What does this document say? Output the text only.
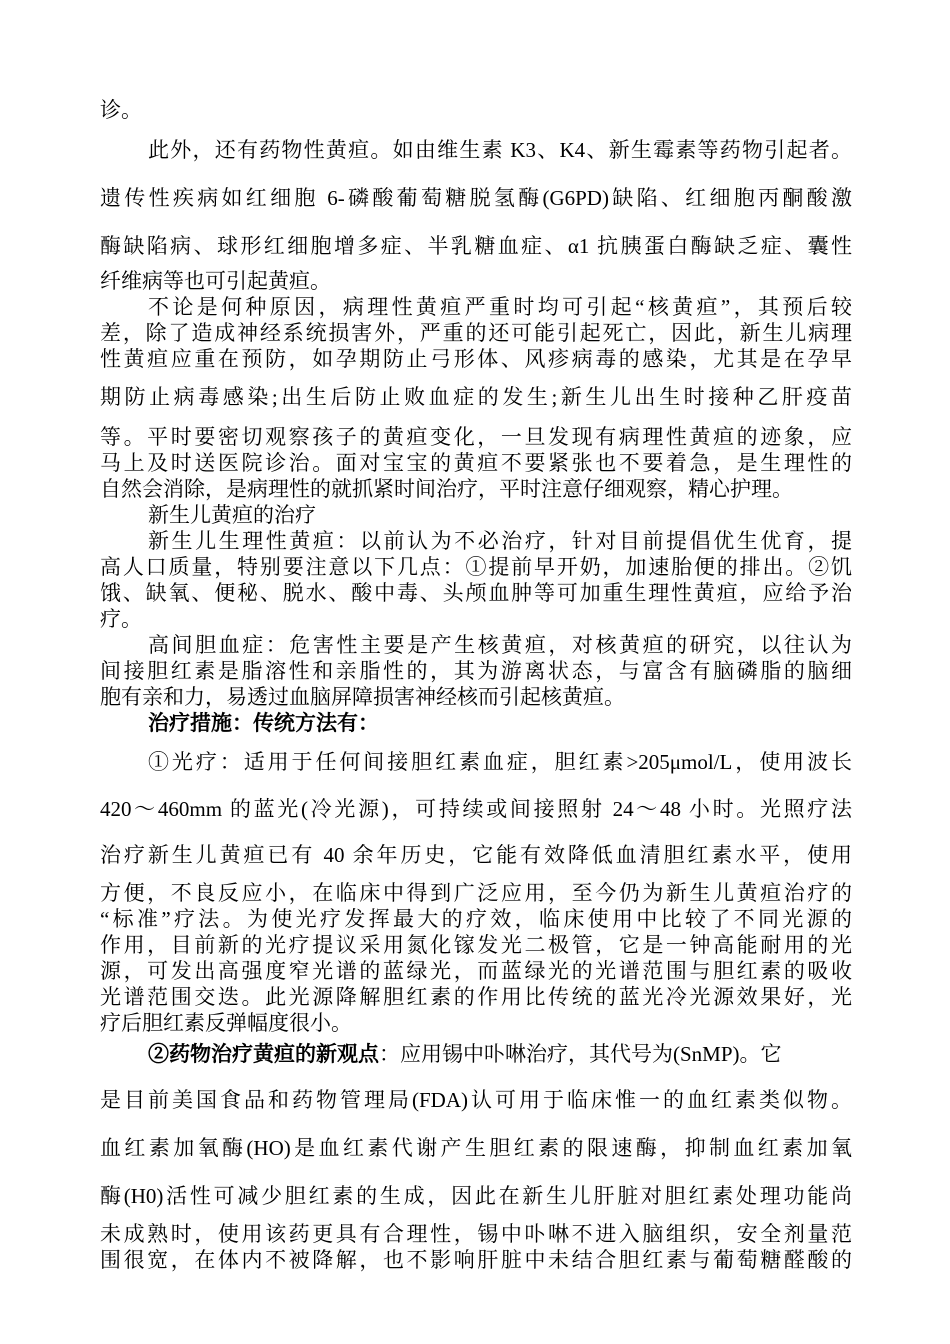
诊。
此外，还有药物性黄疸。如由维生素 K3、K4、新生霉素等药物引起者。
遗传性疾病如红细胞 6-磷酸葡萄糖脱氢酶(G6PD)缺陷、红细胞丙酮酸激
酶缺陷病、球形红细胞增多症、半乳糖血症、α1 抗胰蛋白酶缺乏症、囊性
纤维病等也可引起黄疸。
不论是何种原因，病理性黄疸严重时均可引起“核黄疸”，其预后较
差，除了造成神经系统损害外，严重的还可能引起死亡，因此，新生儿病理
性黄疸应重在预防，如孕期防止弓形体、风疹病毒的感染，尤其是在孕早
期防止病毒感染;出生后防止败血症的发生;新生儿出生时接种乙肝疫苗
等。平时要密切观察孩子的黄疸变化，一旦发现有病理性黄疸的迹象，应
马上及时送医院诊治。面对宝宝的黄疸不要紧张也不要着急，是生理性的
自然会消除，是病理性的就抓紧时间治疗，平时注意仔细观察，精心护理。
新生儿黄疸的治疗
新生儿生理性黄疸：以前认为不必治疗，针对目前提倡优生优育，提
高人口质量，特别要注意以下几点：①提前早开奶，加速胎便的排出。②饥
饿、缺氧、便秘、脱水、酸中毒、头颅血肿等可加重生理性黄疸，应给予治
疗。
高间胆血症：危害性主要是产生核黄疸，对核黄疸的研究，以往认为
间接胆红素是脂溶性和亲脂性的，其为游离状态，与富含有脑磷脂的脑细
胞有亲和力，易透过血脑屏障损害神经核而引起核黄疸。
治疗措施：传统方法有：
①光疗：适用于任何间接胆红素血症，胆红素>205μmol/L，使用波长
420～460mm 的蓝光(冷光源)，可持续或间接照射 24～48 小时。光照疗法
治疗新生儿黄疸已有 40 余年历史，它能有效降低血清胆红素水平，使用
方便，不良反应小，在临床中得到广泛应用，至今仍为新生儿黄疸治疗的
“标准”疗法。为使光疗发挥最大的疗效，临床使用中比较了不同光源的
作用，目前新的光疗提议采用氮化镓发光二极管，它是一钟高能耐用的光
源，可发出高强度窄光谱的蓝绿光，而蓝绿光的光谱范围与胆红素的吸收
光谱范围交迭。此光源降解胆红素的作用比传统的蓝光冷光源效果好，光
疗后胆红素反弹幅度很小。
②药物治疗黄疸的新观点：应用锡中卟啉治疗，其代号为(SnMP)。它
是目前美国食品和药物管理局(FDA)认可用于临床惟一的血红素类似物。
血红素加氧酶(HO)是血红素代谢产生胆红素的限速酶，抑制血红素加氧
酶(H0)活性可减少胆红素的生成，因此在新生儿肝脏对胆红素处理功能尚
未成熟时，使用该药更具有合理性，锡中卟啉不进入脑组织，安全剂量范
围很宽，在体内不被降解，也不影响肝脏中未结合胆红素与葡萄糖醛酸的
